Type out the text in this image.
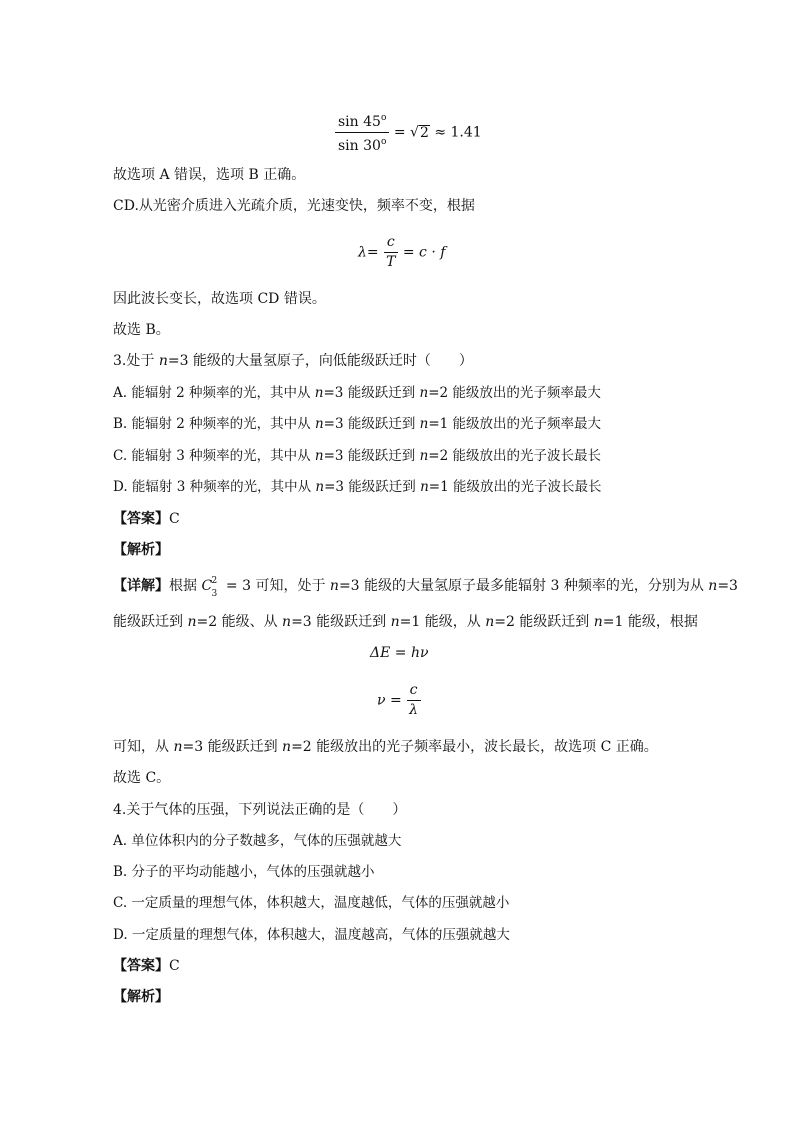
$\frac{\sin 45^o}{\sin 30^o} = √2 \approx 1.41$
故选项 A 错误，选项 B 正确。
CD.从光密介质进入光疏介质，光速变快，频率不变，根据
$\lambda= \frac{c}{T} = c \cdot f$
因此波长变长，故选项 CD 错误。
故选 B。
3.处于 n=3 能级的大量氢原子，向低能级跃迁时（　　）
A. 能辐射 2 种频率的光，其中从 n=3 能级跃迁到 n=2 能级放出的光子频率最大
B. 能辐射 2 种频率的光，其中从 n=3 能级跃迁到 n=1 能级放出的光子频率最大
C. 能辐射 3 种频率的光，其中从 n=3 能级跃迁到 n=2 能级放出的光子波长最长
D. 能辐射 3 种频率的光，其中从 n=3 能级跃迁到 n=1 能级放出的光子波长最长
【答案】C
【解析】
【详解】根据 C 2
3 = 3 可知，处于 n=3 能级的大量氢原子最多能辐射 3 种频率的光，分别为从 n=3
能级跃迁到 n=2 能级、从 n=3 能级跃迁到 n=1 能级，从 n=2 能级跃迁到 n=1 能级，根据
ΔE = hν
$\nu = \frac{c}{\lambda}$
可知，从 n=3 能级跃迁到 n=2 能级放出的光子频率最小，波长最长，故选项 C 正确。
故选 C。
4.关于气体的压强，下列说法正确的是（　　）
A. 单位体积内的分子数越多，气体的压强就越大
B. 分子的平均动能越小，气体的压强就越小
C. 一定质量的理想气体，体积越大，温度越低，气体的压强就越小
D. 一定质量的理想气体，体积越大，温度越高，气体的压强就越大
【答案】C
【解析】
